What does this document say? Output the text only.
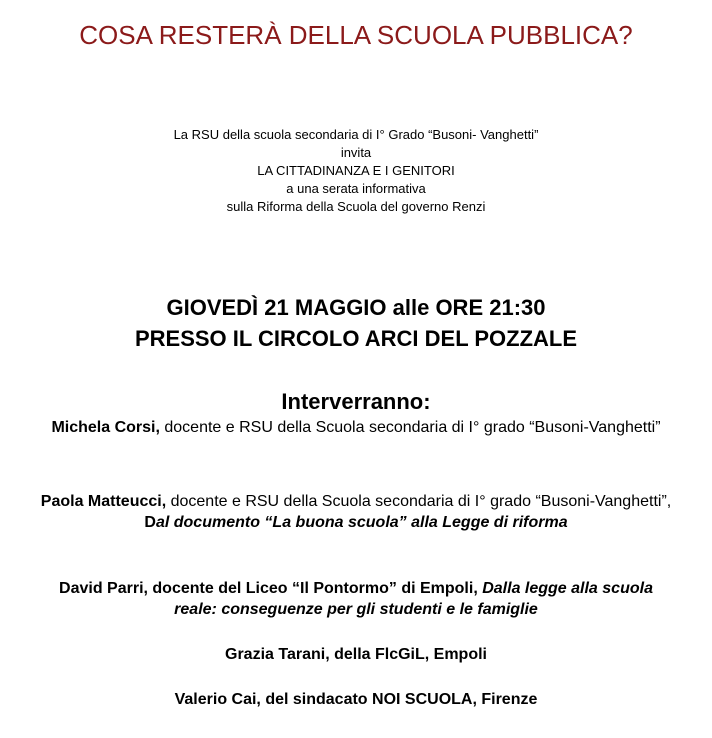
COSA RESTERÀ DELLA SCUOLA PUBBLICA?
La RSU della scuola secondaria di I° Grado “Busoni- Vanghetti”
invita
LA CITTADINANZA E I GENITORI
a una serata informativa
sulla Riforma della Scuola del governo Renzi
GIOVEDÌ 21 MAGGIO alle ORE 21:30
PRESSO IL CIRCOLO ARCI DEL POZZALE
Interverranno:
Michela Corsi, docente e RSU della Scuola secondaria di I° grado “Busoni-Vanghetti”
Paola Matteucci, docente e RSU della Scuola secondaria di I° grado “Busoni-Vanghetti”, Dal documento “La buona scuola” alla Legge di riforma
David Parri, docente del Liceo “Il Pontormo” di Empoli, Dalla legge alla scuola reale: conseguenze per gli studenti e le famiglie
Grazia Tarani, della FlcGiL, Empoli
Valerio Cai, del sindacato NOI SCUOLA, Firenze
